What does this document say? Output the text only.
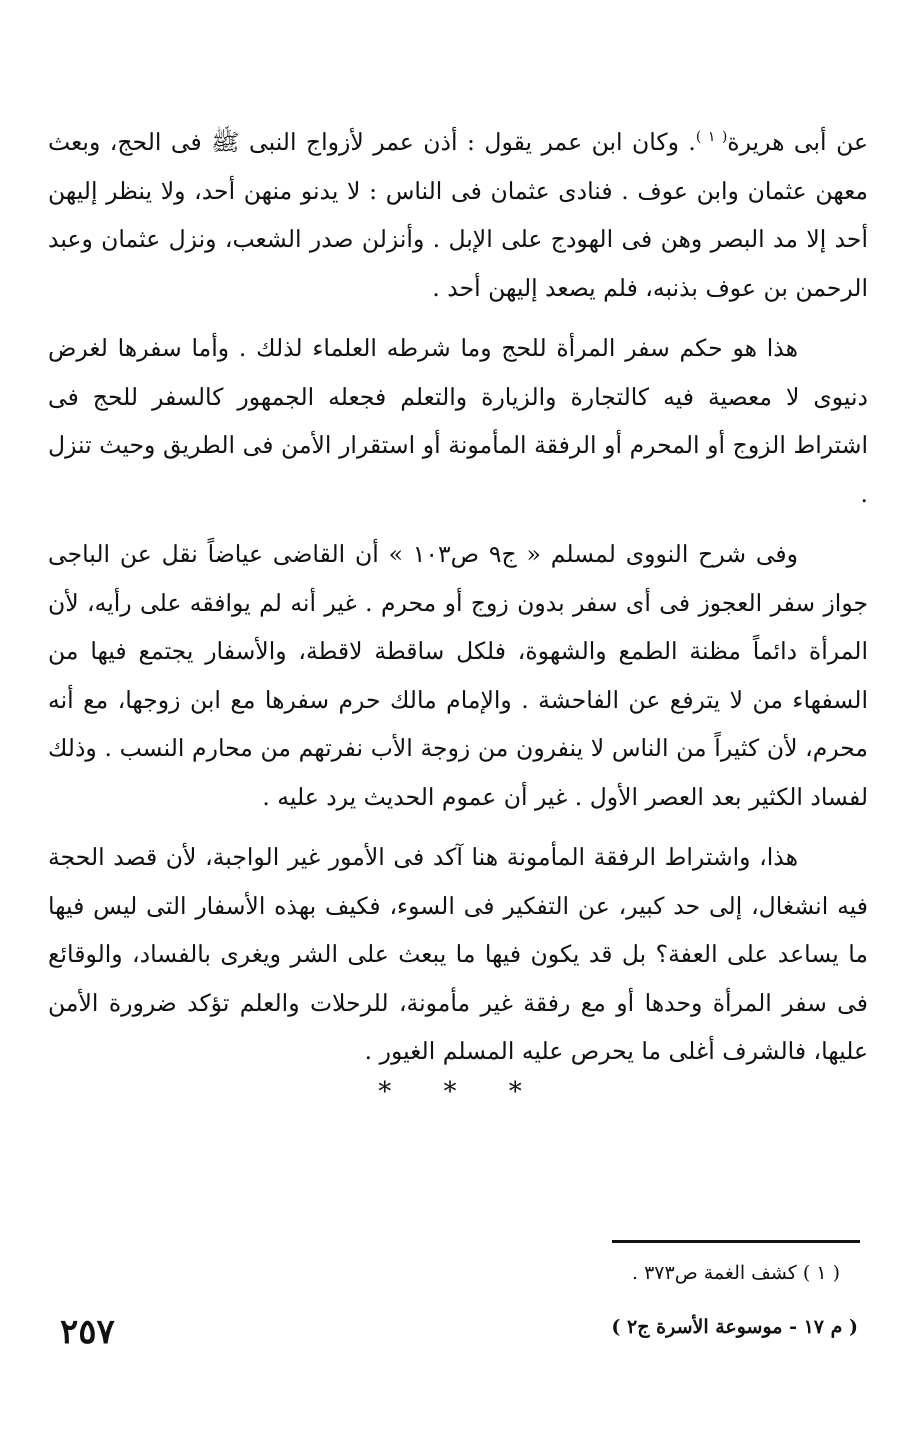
عن أبى هريرة$^{( ١ )}$. وكان ابن عمر يقول : أذن عمر لأزواج النبى ﷺ فى الحج، وبعث معهن عثمان وابن عوف . فنادى عثمان فى الناس : لا يدنو منهن أحد، ولا ينظر إليهن أحد إلا مد البصر وهن فى الهودج على الإبل . وأنزلن صدر الشعب، ونزل عثمان وعبد الرحمن بن عوف بذنبه، فلم يصعد إليهن أحد .

هذا هو حكم سفر المرأة للحج وما شرطه العلماء لذلك . وأما سفرها لغرض دنيوى لا معصية فيه كالتجارة والزيارة والتعلم فجعله الجمهور كالسفر للحج فى اشتراط الزوج أو المحرم أو الرفقة المأمونة أو استقرار الأمن فى الطريق وحيث تنزل .

وفى شرح النووى لمسلم « ج٩ ص١٠٣ » أن القاضى عياضاً نقل عن الباجى جواز سفر العجوز فى أى سفر بدون زوج أو محرم . غير أنه لم يوافقه على رأيه، لأن المرأة دائماً مظنة الطمع والشهوة، فلكل ساقطة لاقطة، والأسفار يجتمع فيها من السفهاء من لا يترفع عن الفاحشة . والإمام مالك حرم سفرها مع ابن زوجها، مع أنه محرم، لأن كثيراً من الناس لا ينفرون من زوجة الأب نفرتهم من محارم النسب . وذلك لفساد الكثير بعد العصر الأول . غير أن عموم الحديث يرد عليه .

هذا، واشتراط الرفقة المأمونة هنا آكد فى الأمور غير الواجبة، لأن قصد الحجة فيه انشغال، إلى حد كبير، عن التفكير فى السوء، فكيف بهذه الأسفار التى ليس فيها ما يساعد على العفة؟ بل قد يكون فيها ما يبعث على الشر ويغرى بالفساد، والوقائع فى سفر المرأة وحدها أو مع رفقة غير مأمونة، للرحلات والعلم تؤكد ضرورة الأمن عليها، فالشرف أغلى ما يحرص عليه المسلم الغيور .

* * *
( ١ ) كشف الغمة ص٣٧٣ .
٢٥٧	( م ١٧ - موسوعة الأسرة ج٢ )
